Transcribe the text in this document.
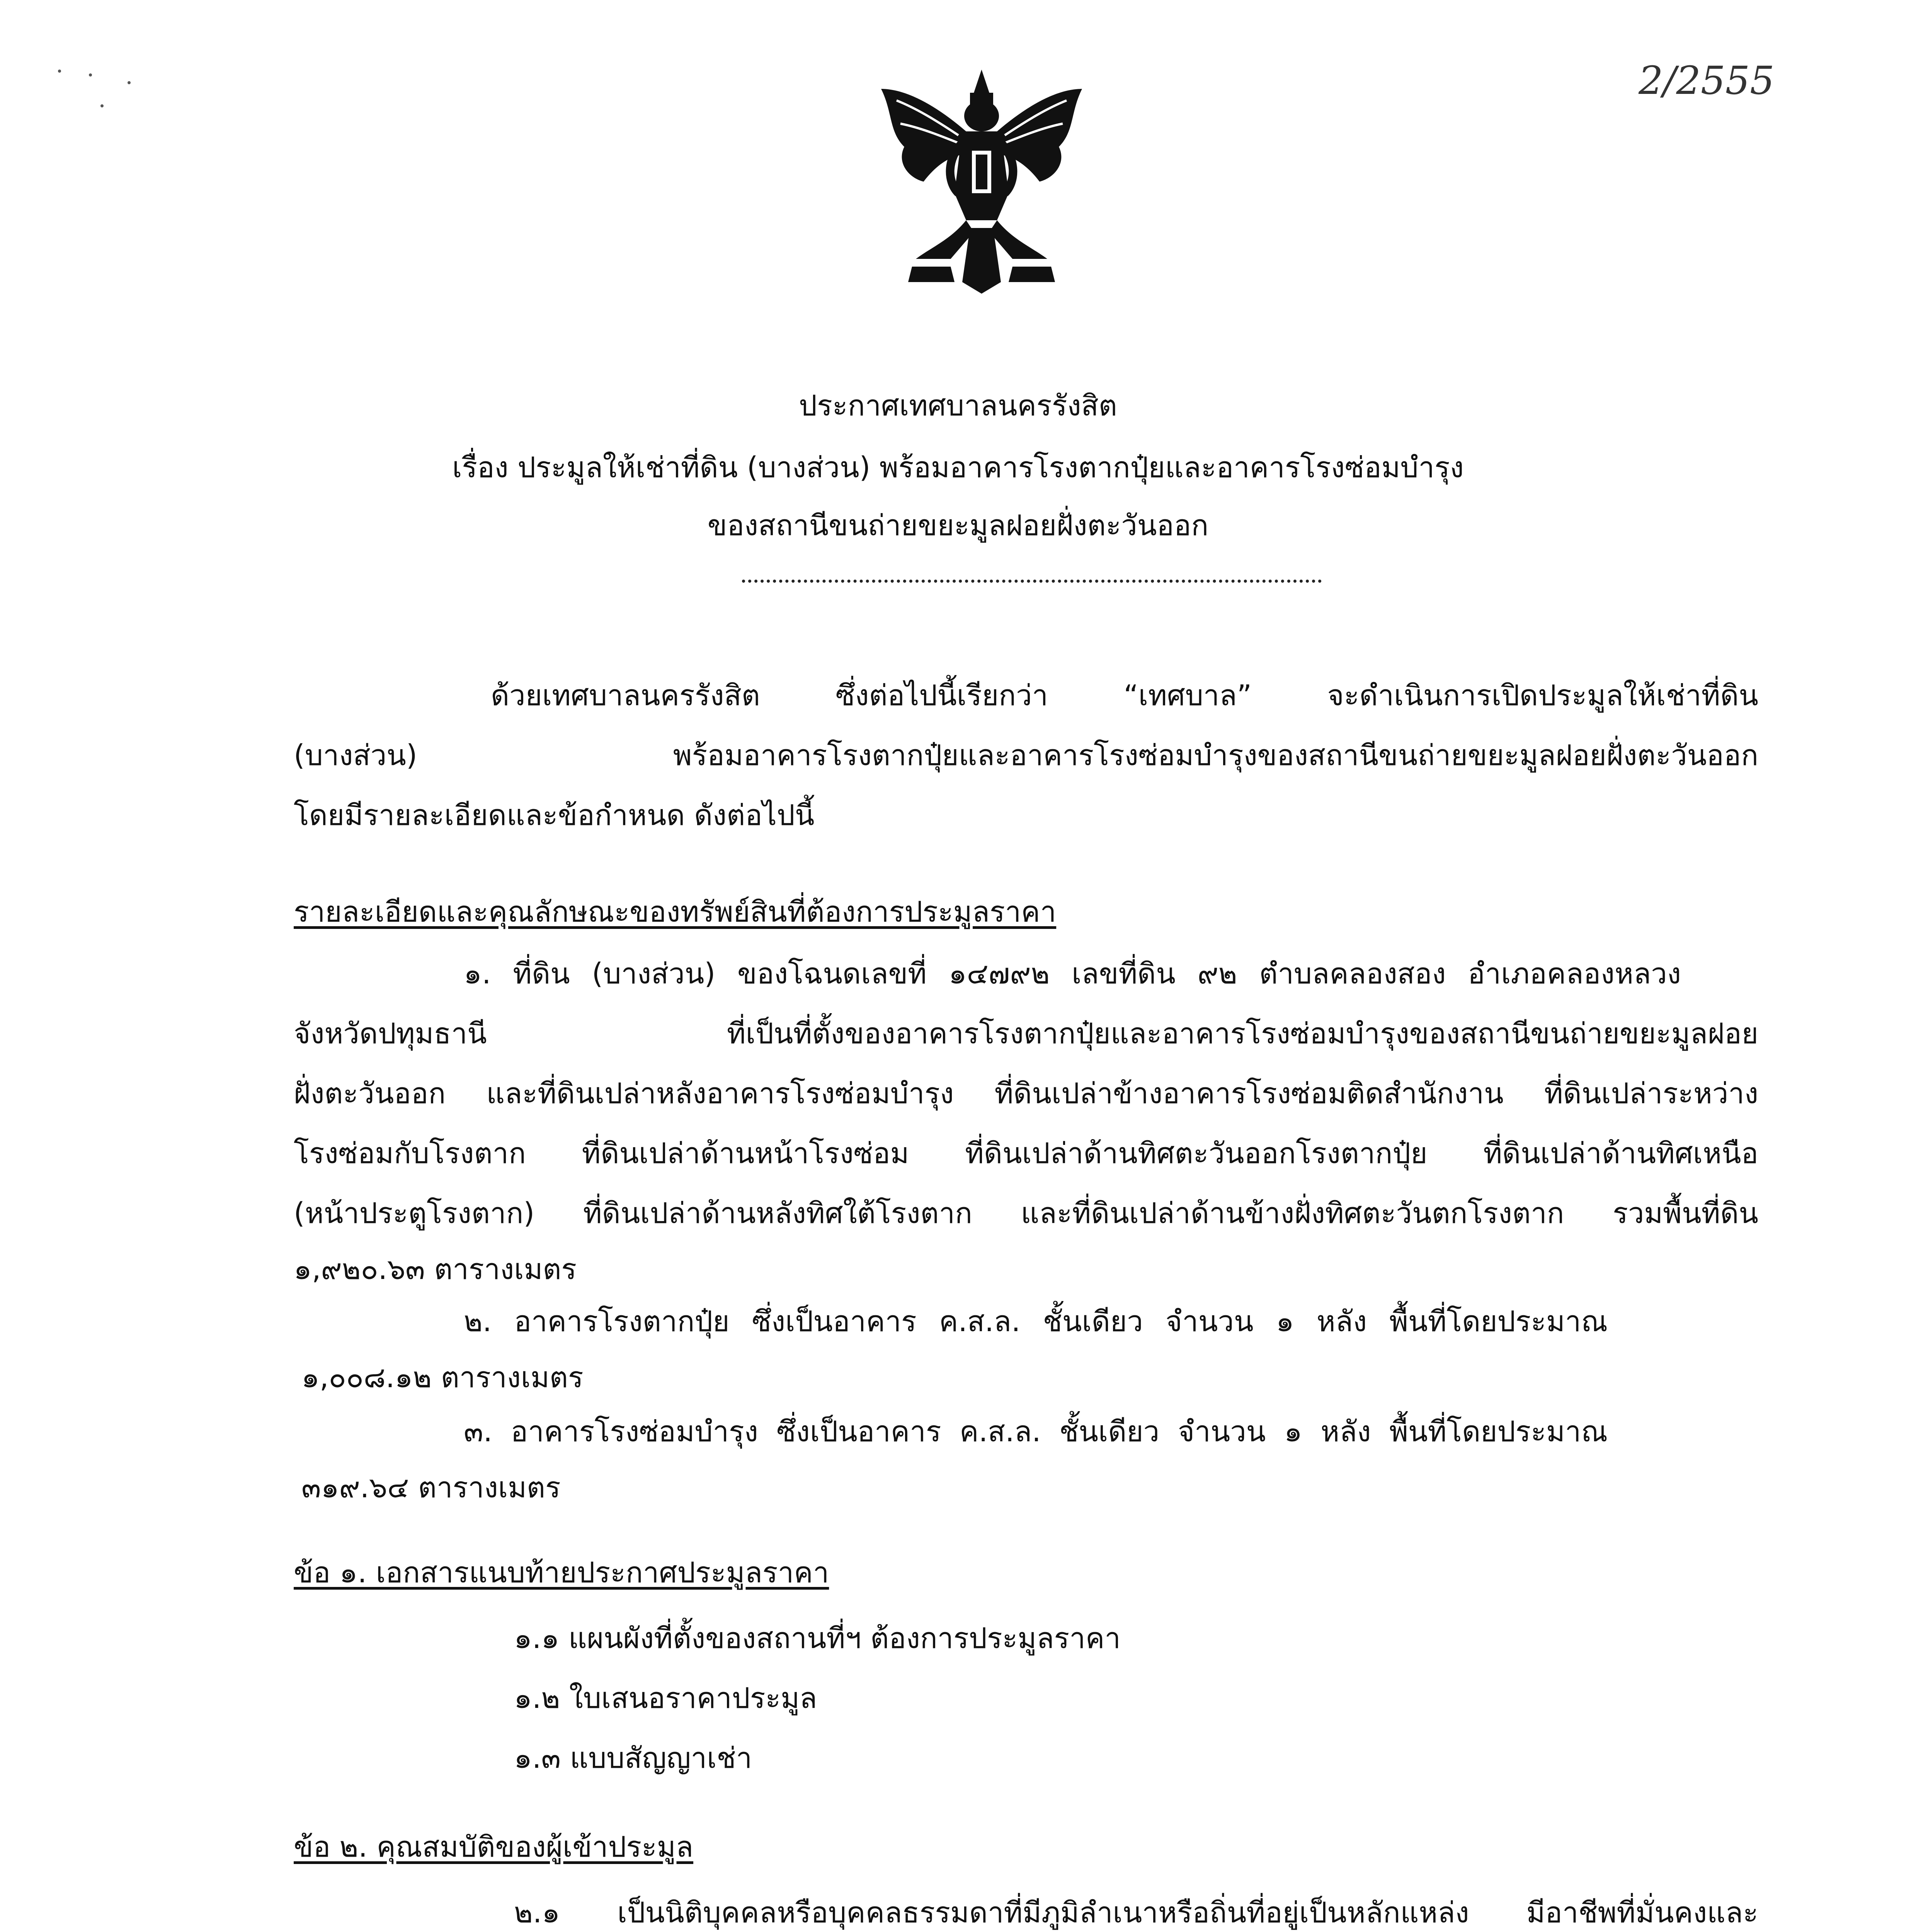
2/2555
ประกาศเทศบาลนครรังสิต
เรื่อง ประมูลให้เช่าที่ดิน (บางส่วน) พร้อมอาคารโรงตากปุ๋ยและอาคารโรงซ่อมบำรุง
ของสถานีขนถ่ายขยะมูลฝอยฝั่งตะวันออก
ด้วยเทศบาลนครรังสิต ซึ่งต่อไปนี้เรียกว่า “เทศบาล” จะดำเนินการเปิดประมูลให้เช่าที่ดิน
(บางส่วน) พร้อมอาคารโรงตากปุ๋ยและอาคารโรงซ่อมบำรุงของสถานีขนถ่ายขยะมูลฝอยฝั่งตะวันออก
โดยมีรายละเอียดและข้อกำหนด ดังต่อไปนี้
รายละเอียดและคุณลักษณะของทรัพย์สินที่ต้องการประมูลราคา
๑. ที่ดิน (บางส่วน) ของโฉนดเลขที่ ๑๔๗๙๒ เลขที่ดิน ๙๒ ตำบลคลองสอง อำเภอคลองหลวง
จังหวัดปทุมธานี ที่เป็นที่ตั้งของอาคารโรงตากปุ๋ยและอาคารโรงซ่อมบำรุงของสถานีขนถ่ายขยะมูลฝอย
ฝั่งตะวันออก และที่ดินเปล่าหลังอาคารโรงซ่อมบำรุง ที่ดินเปล่าข้างอาคารโรงซ่อมติดสำนักงาน ที่ดินเปล่าระหว่าง
โรงซ่อมกับโรงตาก ที่ดินเปล่าด้านหน้าโรงซ่อม ที่ดินเปล่าด้านทิศตะวันออกโรงตากปุ๋ย ที่ดินเปล่าด้านทิศเหนือ
(หน้าประตูโรงตาก) ที่ดินเปล่าด้านหลังทิศใต้โรงตาก และที่ดินเปล่าด้านข้างฝั่งทิศตะวันตกโรงตาก รวมพื้นที่ดิน
๑,๙๒๐.๖๓ ตารางเมตร
๒. อาคารโรงตากปุ๋ย ซึ่งเป็นอาคาร ค.ส.ล. ชั้นเดียว จำนวน ๑ หลัง พื้นที่โดยประมาณ
๑,๐๐๘.๑๒ ตารางเมตร
๓. อาคารโรงซ่อมบำรุง ซึ่งเป็นอาคาร ค.ส.ล. ชั้นเดียว จำนวน ๑ หลัง พื้นที่โดยประมาณ
๓๑๙.๖๔ ตารางเมตร
ข้อ ๑. เอกสารแนบท้ายประกาศประมูลราคา
๑.๑ แผนผังที่ตั้งของสถานที่ฯ ต้องการประมูลราคา
๑.๒ ใบเสนอราคาประมูล
๑.๓ แบบสัญญาเช่า
ข้อ ๒. คุณสมบัติของผู้เข้าประมูล
๒.๑ เป็นนิติบุคคลหรือบุคคลธรรมดาที่มีภูมิลำเนาหรือถิ่นที่อยู่เป็นหลักแหล่ง มีอาชีพที่มั่นคงและ
